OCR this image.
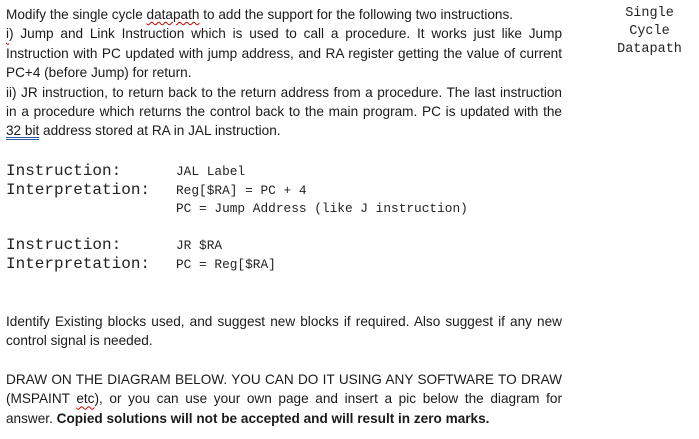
Single
Cycle
Datapath

Modify the single cycle datapath to add the support for the following two instructions.

i) Jump and Link Instruction which is used to call a procedure. It works just like Jump Instruction with PC updated with jump address, and RA register getting the value of current PC+4 (before Jump) for return.

ii) JR instruction, to return back to the return address from a procedure. The last instruction in a procedure which returns the control back to the main program. PC is updated with the 32 bit address stored at RA in JAL instruction.

Instruction:	JAL Label
Interpretation: Reg[$RA] = PC + 4
PC = Jump Address (like J instruction)
Instruction:	JR $RA
Interpretation: PC = Reg[$RA]

Identify Existing blocks used, and suggest new blocks if required. Also suggest if any new control signal is needed.

DRAW ON THE DIAGRAM BELOW. YOU CAN DO IT USING ANY SOFTWARE TO DRAW (MSPAINT etc), or you can use your own page and insert a pic below the diagram for answer. Copied solutions will not be accepted and will result in zero marks.
